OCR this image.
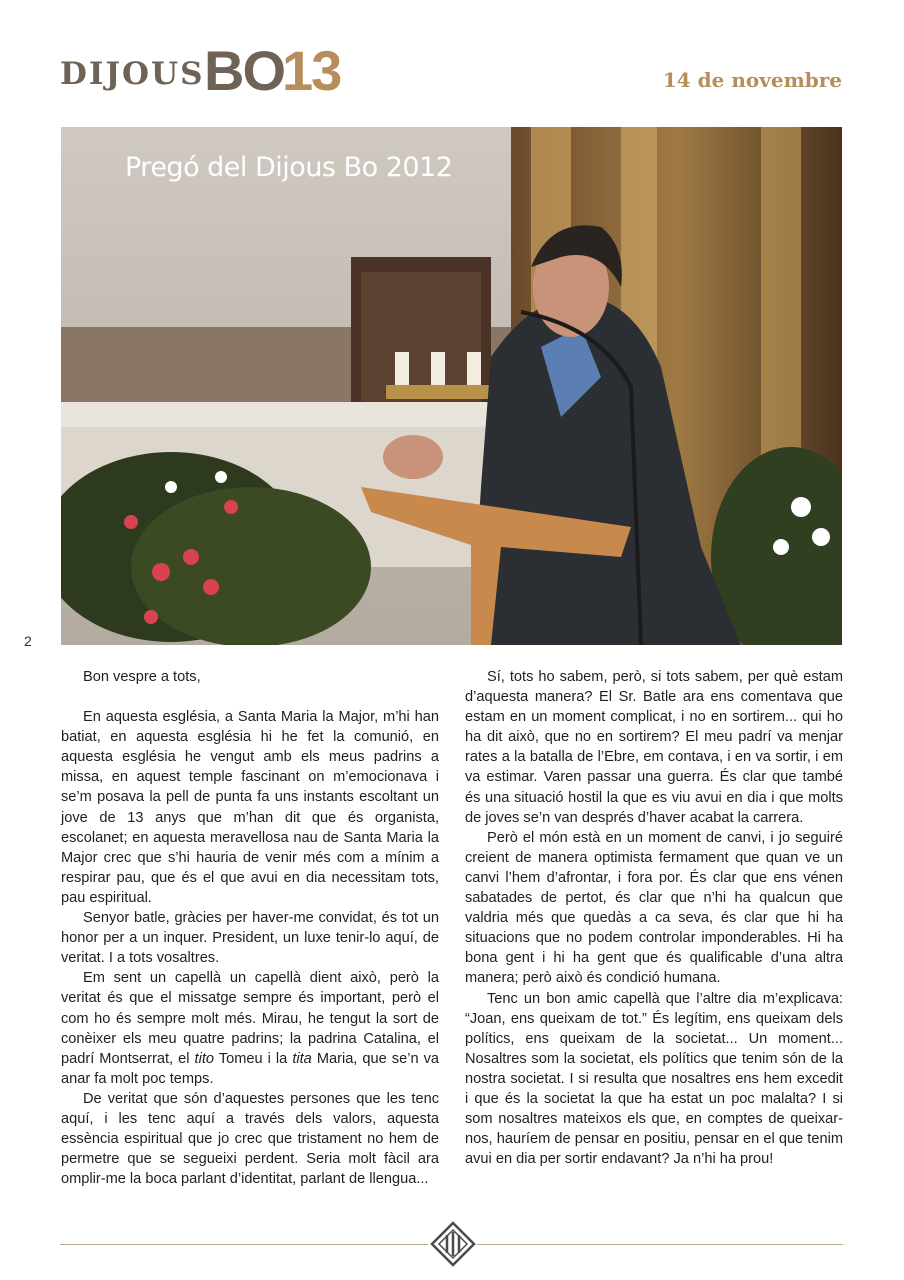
DIJOUS BO
13	14 de novembre
Pregó del Dijous Bo 2012
2

Bon vespre a tots,

En aquesta església, a Santa Maria la Major, m’hi han batiat, en aquesta església hi he fet la comunió, en aquesta església he vengut amb els meus padrins a missa, en aquest temple fascinant on m’emocionava i se’m posava la pell de punta fa uns instants escoltant un jove de 13 anys que m’han dit que és organista, escolanet; en aquesta meravellosa nau de Santa Maria la Major crec que s’hi hauria de venir més com a mínim a respirar pau, que és el que avui en dia necessitam tots, pau espiritual.

Senyor batle, gràcies per haver-me convidat, és tot un honor per a un inquer. President, un luxe tenir-lo aquí, de veritat. I a tots vosaltres.

Em sent un capellà un capellà dient això, però la veritat és que el missatge sempre és important, però el com ho és sempre molt més. Mirau, he tengut la sort de conèixer els meu quatre padrins; la padrina Catalina, el padrí Montserrat, el tito Tomeu i la tita Maria, que se’n va anar fa molt poc temps.

De veritat que són d’aquestes persones que les tenc aquí, i les tenc aquí a través dels valors, aquesta essència espiritual que jo crec que tristament no hem de permetre que se segueixi perdent. Seria molt fàcil ara omplir-me la boca parlant d’identitat, parlant de llengua...

Sí, tots ho sabem, però, si tots sabem, per què estam d’aquesta manera? El Sr. Batle ara ens comentava que estam en un moment complicat, i no en sortirem... qui ho ha dit això, que no en sortirem? El meu padrí va menjar rates a la batalla de l’Ebre, em contava, i en va sortir, i em va estimar. Varen passar una guerra. És clar que també és una situació hostil la que es viu avui en dia i que molts de joves se’n van després d’haver acabat la carrera.

Però el món està en un moment de canvi, i jo seguiré creient de manera optimista fermament que quan ve un canvi l’hem d’afrontar, i fora por. És clar que ens vénen sabatades de pertot, és clar que n’hi ha qualcun que valdria més que quedàs a ca seva, és clar que hi ha situacions que no podem controlar imponderables. Hi ha bona gent i hi ha gent que és qualificable d’una altra manera; però això és condició humana.

Tenc un bon amic capellà que l’altre dia m’explicava: “Joan, ens queixam de tot.” És legítim, ens queixam dels polítics, ens queixam de la societat... Un moment... Nosaltres som la societat, els polítics que tenim són de la nostra societat. I si resulta que nosaltres ens hem excedit i que és la societat la que ha estat un poc malalta? I si som nosaltres mateixos els que, en comptes de queixar-nos, hauríem de pensar en positiu, pensar en el que tenim avui en dia per sortir endavant? Ja n’hi ha prou!
